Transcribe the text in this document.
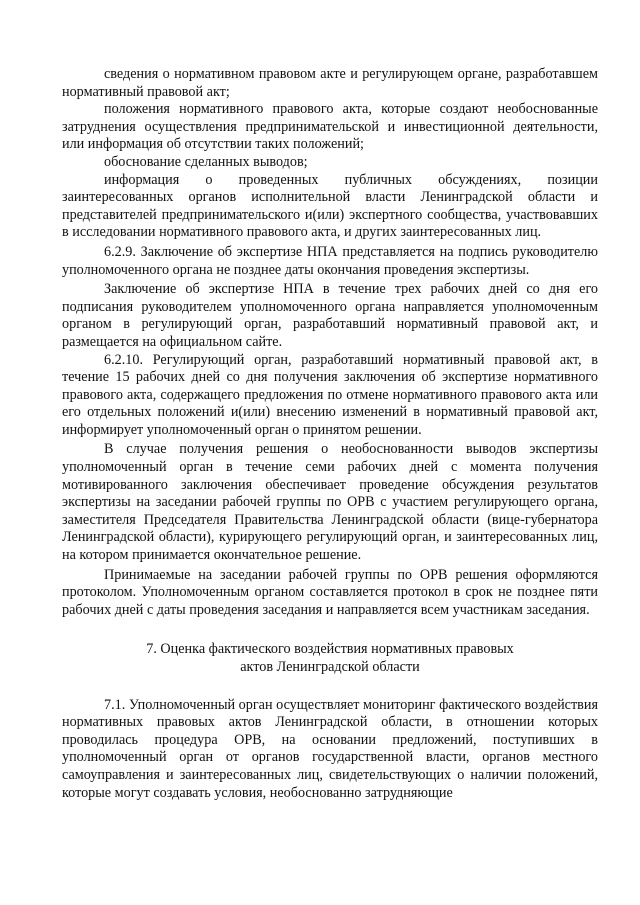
сведения о нормативном правовом акте и регулирующем органе, разработавшем нормативный правовой акт;

положения нормативного правового акта, которые создают необоснованные затруднения осуществления предпринимательской и инвестиционной деятельности, или информация об отсутствии таких положений;

обоснование сделанных выводов;

информация о проведенных публичных обсуждениях, позиции заинтересованных органов исполнительной власти Ленинградской области и представителей предпринимательского и(или) экспертного сообщества, участвовавших в исследовании нормативного правового акта, и других заинтересованных лиц.

6.2.9. Заключение об экспертизе НПА представляется на подпись руководителю уполномоченного органа не позднее даты окончания проведения экспертизы.

Заключение об экспертизе НПА в течение трех рабочих дней со дня его подписания руководителем уполномоченного органа направляется уполномоченным органом в регулирующий орган, разработавший нормативный правовой акт, и размещается на официальном сайте.

6.2.10. Регулирующий орган, разработавший нормативный правовой акт, в течение 15 рабочих дней со дня получения заключения об экспертизе нормативного правового акта, содержащего предложения по отмене нормативного правового акта или его отдельных положений и(или) внесению изменений в нормативный правовой акт, информирует уполномоченный орган о принятом решении.

В случае получения решения о необоснованности выводов экспертизы уполномоченный орган в течение семи рабочих дней с момента получения мотивированного заключения обеспечивает проведение обсуждения результатов экспертизы на заседании рабочей группы по ОРВ с участием регулирующего органа, заместителя Председателя Правительства Ленинградской области (вице-губернатора Ленинградской области), курирующего регулирующий орган, и заинтересованных лиц, на котором принимается окончательное решение.

Принимаемые на заседании рабочей группы по ОРВ решения оформляются протоколом. Уполномоченным органом составляется протокол в срок не позднее пяти рабочих дней с даты проведения заседания и направляется всем участникам заседания.

7. Оценка фактического воздействия нормативных правовых
актов Ленинградской области

7.1. Уполномоченный орган осуществляет мониторинг фактического воздействия нормативных правовых актов Ленинградской области, в отношении которых проводилась процедура ОРВ, на основании предложений, поступивших в уполномоченный орган от органов государственной власти, органов местного самоуправления и заинтересованных лиц, свидетельствующих о наличии положений, которые могут создавать условия, необоснованно затрудняющие
